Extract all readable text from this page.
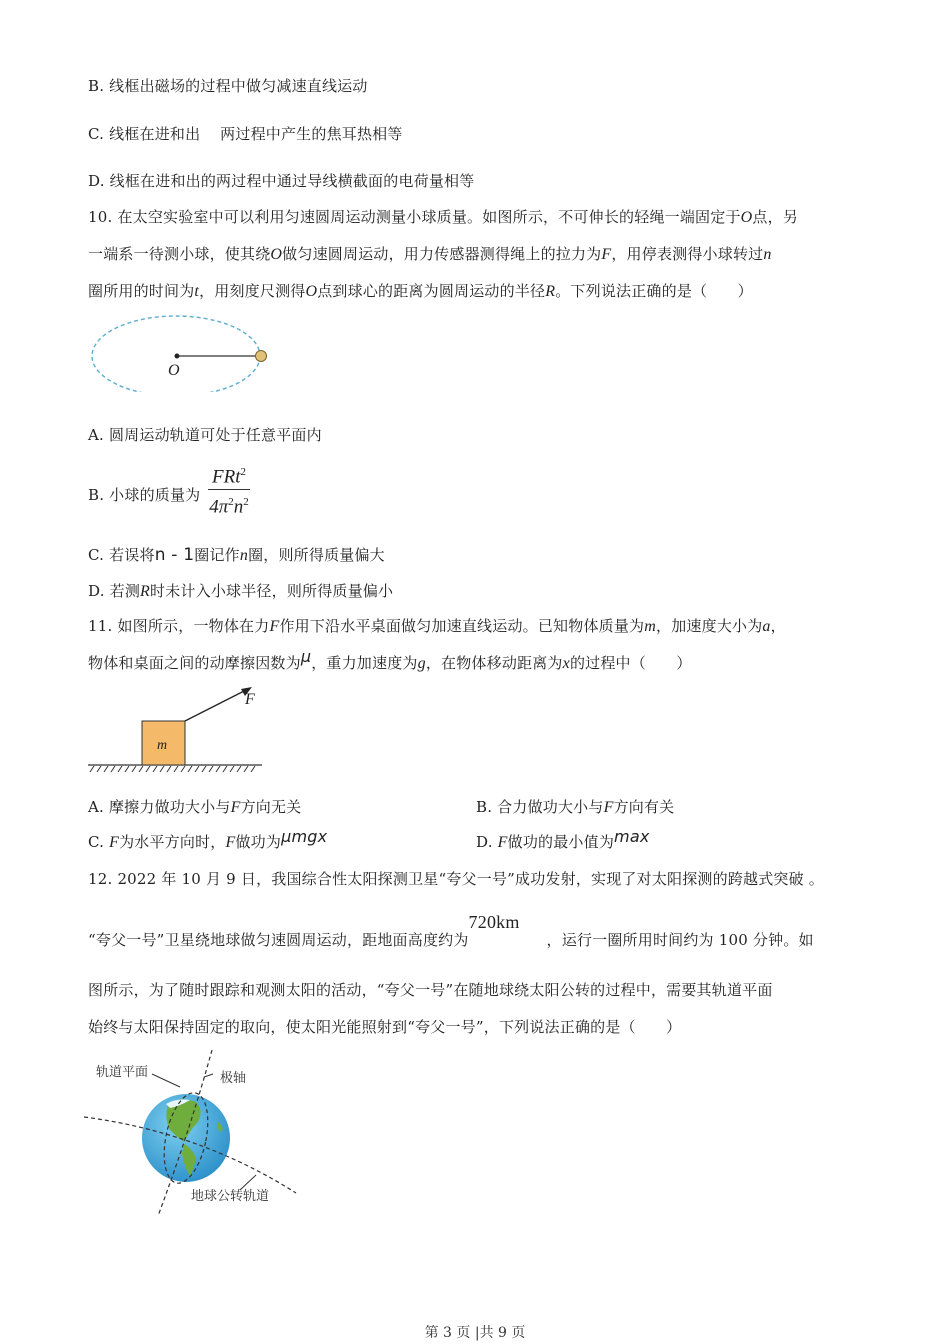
B. 线框出磁场的过程中做匀减速直线运动
C. 线框在进和出    两过程中产生的焦耳热相等
D. 线框在进和出的两过程中通过导线横截面的电荷量相等
10. 在太空实验室中可以利用匀速圆周运动测量小球质量。如图所示，不可伸长的轻绳一端固定于O点，另
一端系一待测小球，使其绕O做匀速圆周运动，用力传感器测得绳上的拉力为F，用停表测得小球转过n
圈所用的时间为t，用刻度尺测得O点到球心的距离为圆周运动的半径R。下列说法正确的是（　　）
O
A. 圆周运动轨道可处于任意平面内
B. 小球的质量为
FRt$^2$
$4\pi^2n^2$
C. 若误将n - 1圈记作n圈，则所得质量偏大
D. 若测R时未计入小球半径，则所得质量偏小
11. 如图所示，一物体在力F作用下沿水平桌面做匀加速直线运动。已知物体质量为m，加速度大小为a，
物体和桌面之间的动摩擦因数为μ，重力加速度为g，在物体移动距离为x的过程中（　　）
m
F
A. 摩擦力做功大小与F方向无关	B. 合力做功大小与F方向有关
C. F为水平方向时，F做功为μmgx	D. F做功的最小值为max
12. 2022 年 10 月 9 日，我国综合性太阳探测卫星“夸父一号”成功发射，实现了对太阳探测的跨越式突破 。
“夸父一号”卫星绕地球做匀速圆周运动，距地面高度约为
720km
，运行一圈所用时间约为 100 分钟。如
图所示，为了随时跟踪和观测太阳的活动，“夸父一号”在随地球绕太阳公转的过程中，需要其轨道平面
始终与太阳保持固定的取向，使太阳光能照射到“夸父一号”，下列说法正确的是（　　）
轨道平面	极轴
地球公转轨道
第 3 页 |共 9 页
